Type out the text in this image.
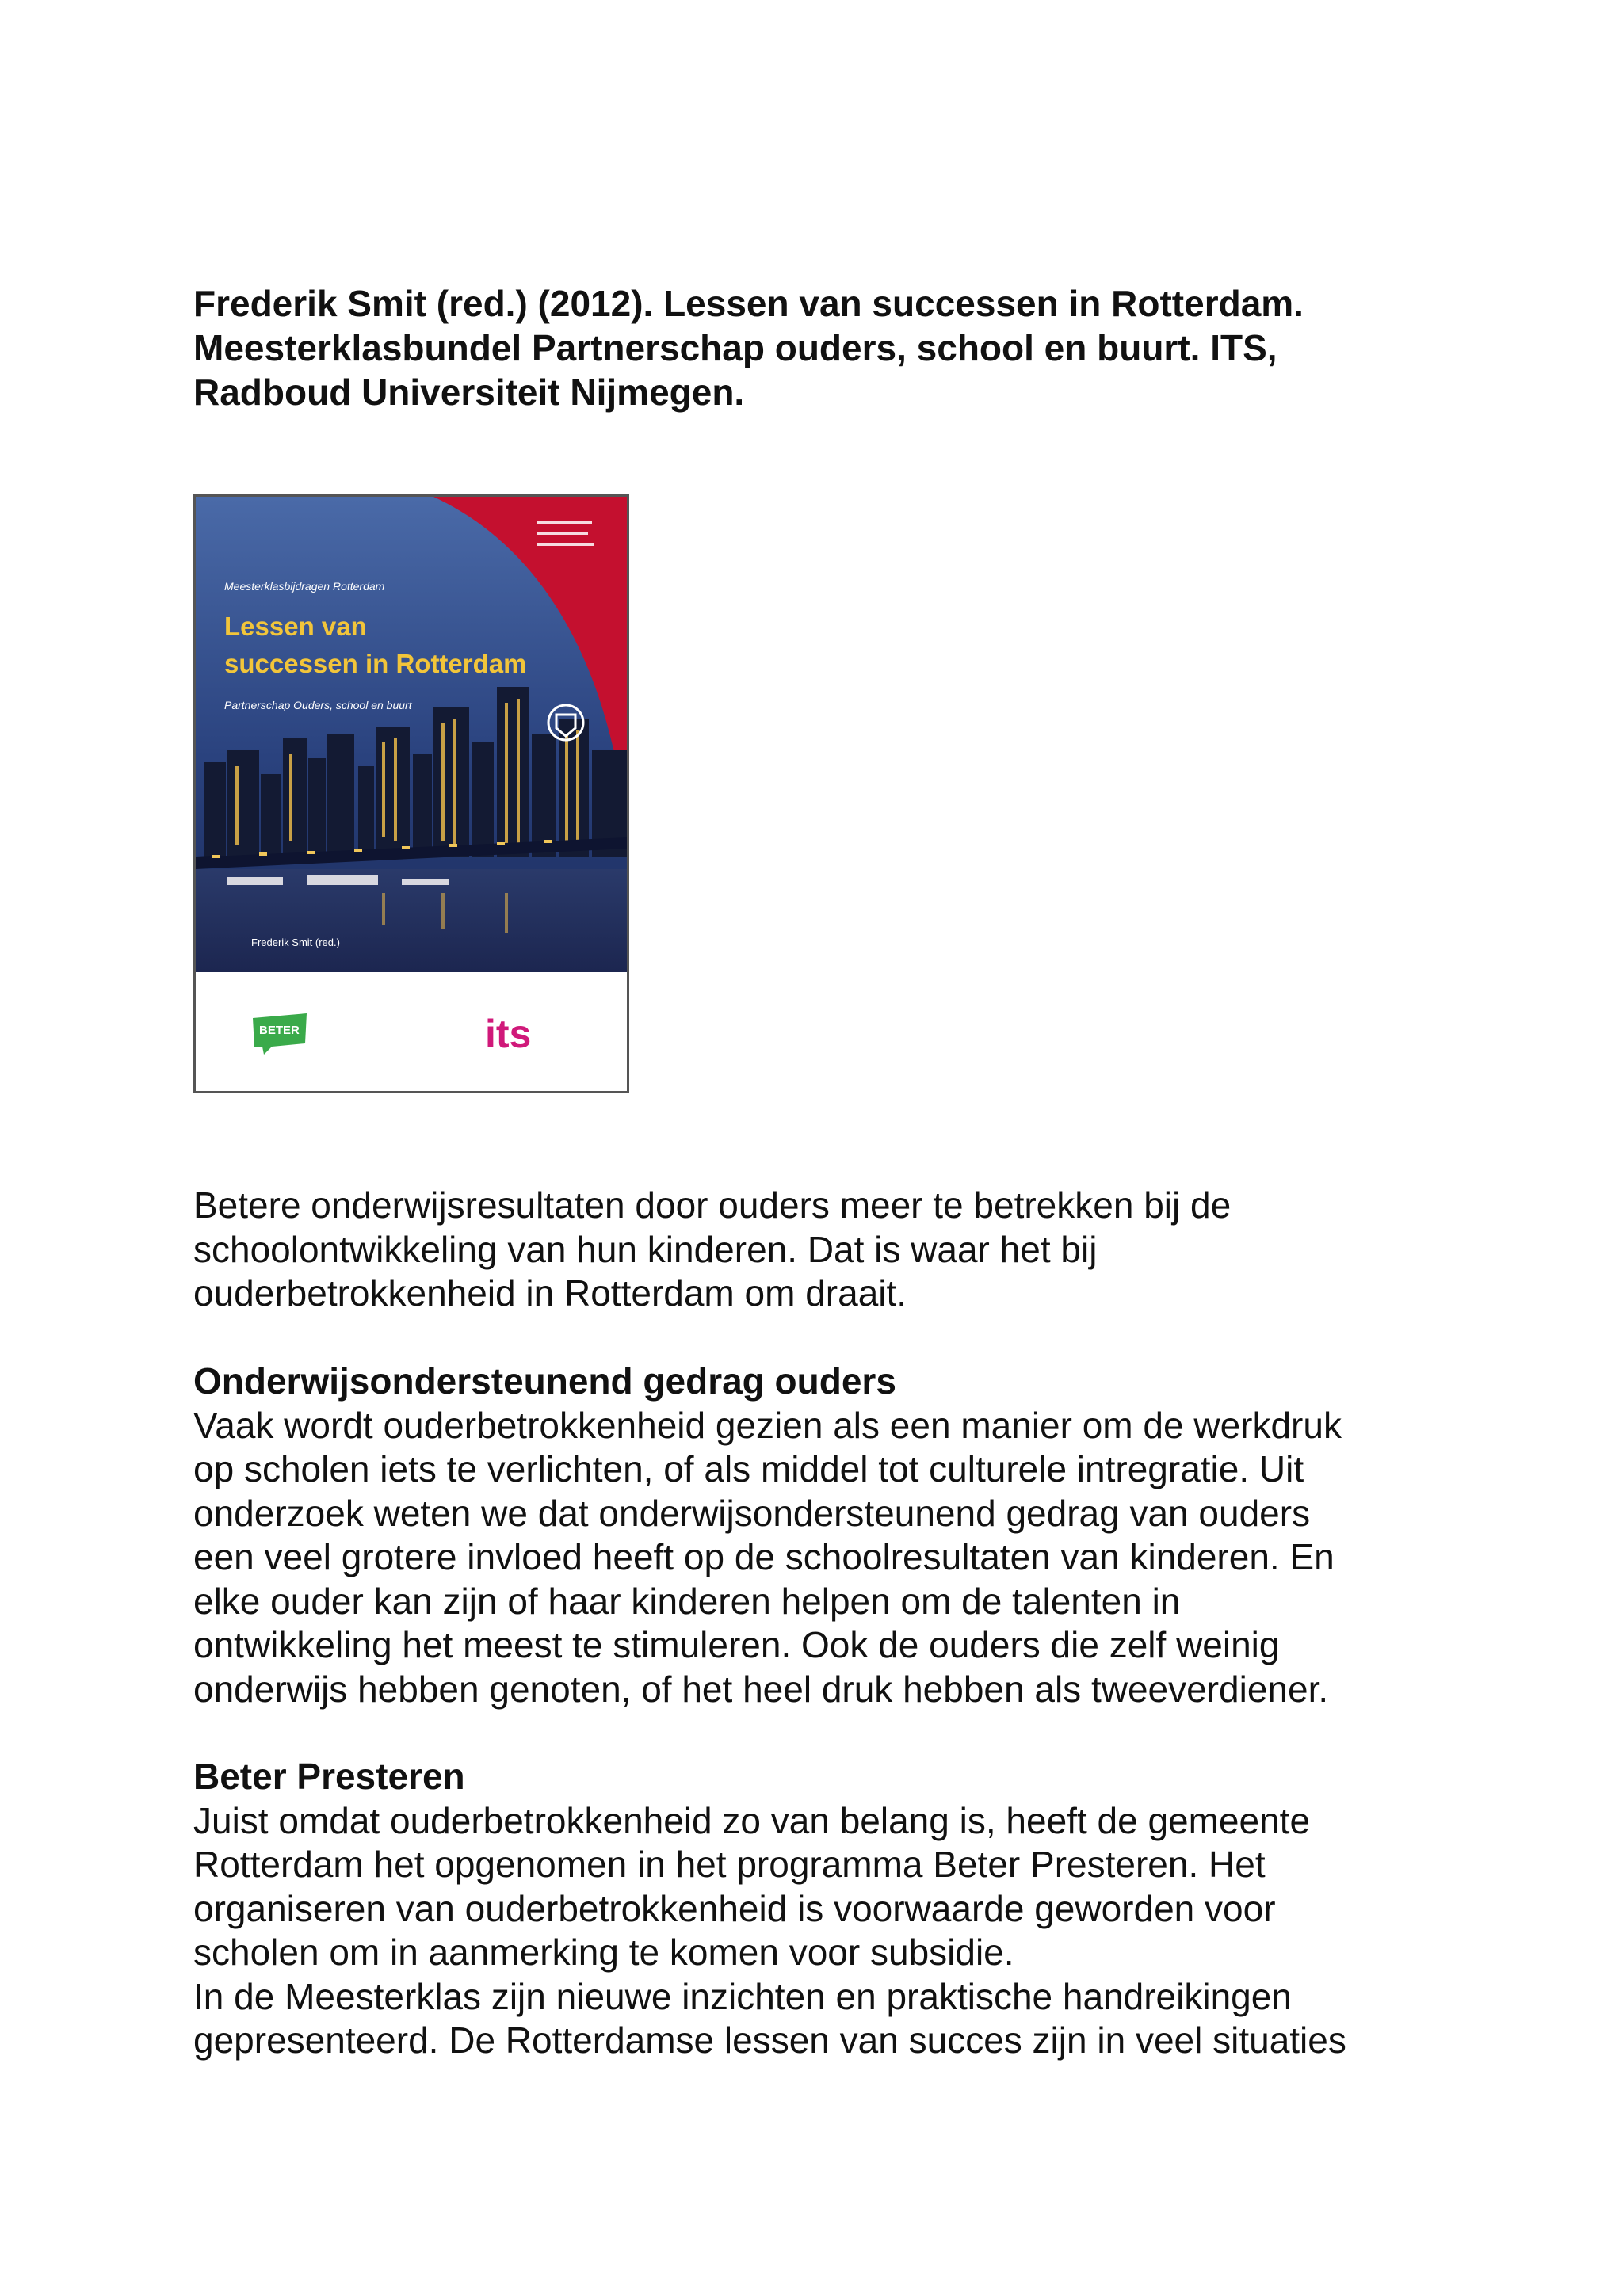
Frederik Smit (red.) (2012). Lessen van successen in Rotterdam.
Meesterklasbundel Partnerschap ouders, school en buurt. ITS,
Radboud Universiteit Nijmegen.
Meesterklasbijdragen Rotterdam
Lessen van
successen in Rotterdam
Partnerschap Ouders, school en buurt
Frederik Smit (red.)
BETER	its
Betere onderwijsresultaten door ouders meer te betrekken bij de
schoolontwikkeling van hun kinderen. Dat is waar het bij
ouderbetrokkenheid in Rotterdam om draait.
Onderwijsondersteunend gedrag ouders
Vaak wordt ouderbetrokkenheid gezien als een manier om de werkdruk
op scholen iets te verlichten, of als middel tot culturele intregratie. Uit
onderzoek weten we dat onderwijsondersteunend gedrag van ouders
een veel grotere invloed heeft op de schoolresultaten van kinderen. En
elke ouder kan zijn of haar kinderen helpen om de talenten in
ontwikkeling het meest te stimuleren. Ook de ouders die zelf weinig
onderwijs hebben genoten, of het heel druk hebben als tweeverdiener.
Beter Presteren
Juist omdat ouderbetrokkenheid zo van belang is, heeft de gemeente
Rotterdam het opgenomen in het programma Beter Presteren. Het
organiseren van ouderbetrokkenheid is voorwaarde geworden voor
scholen om in aanmerking te komen voor subsidie.
In de Meesterklas zijn nieuwe inzichten en praktische handreikingen
gepresenteerd. De Rotterdamse lessen van succes zijn in veel situaties
